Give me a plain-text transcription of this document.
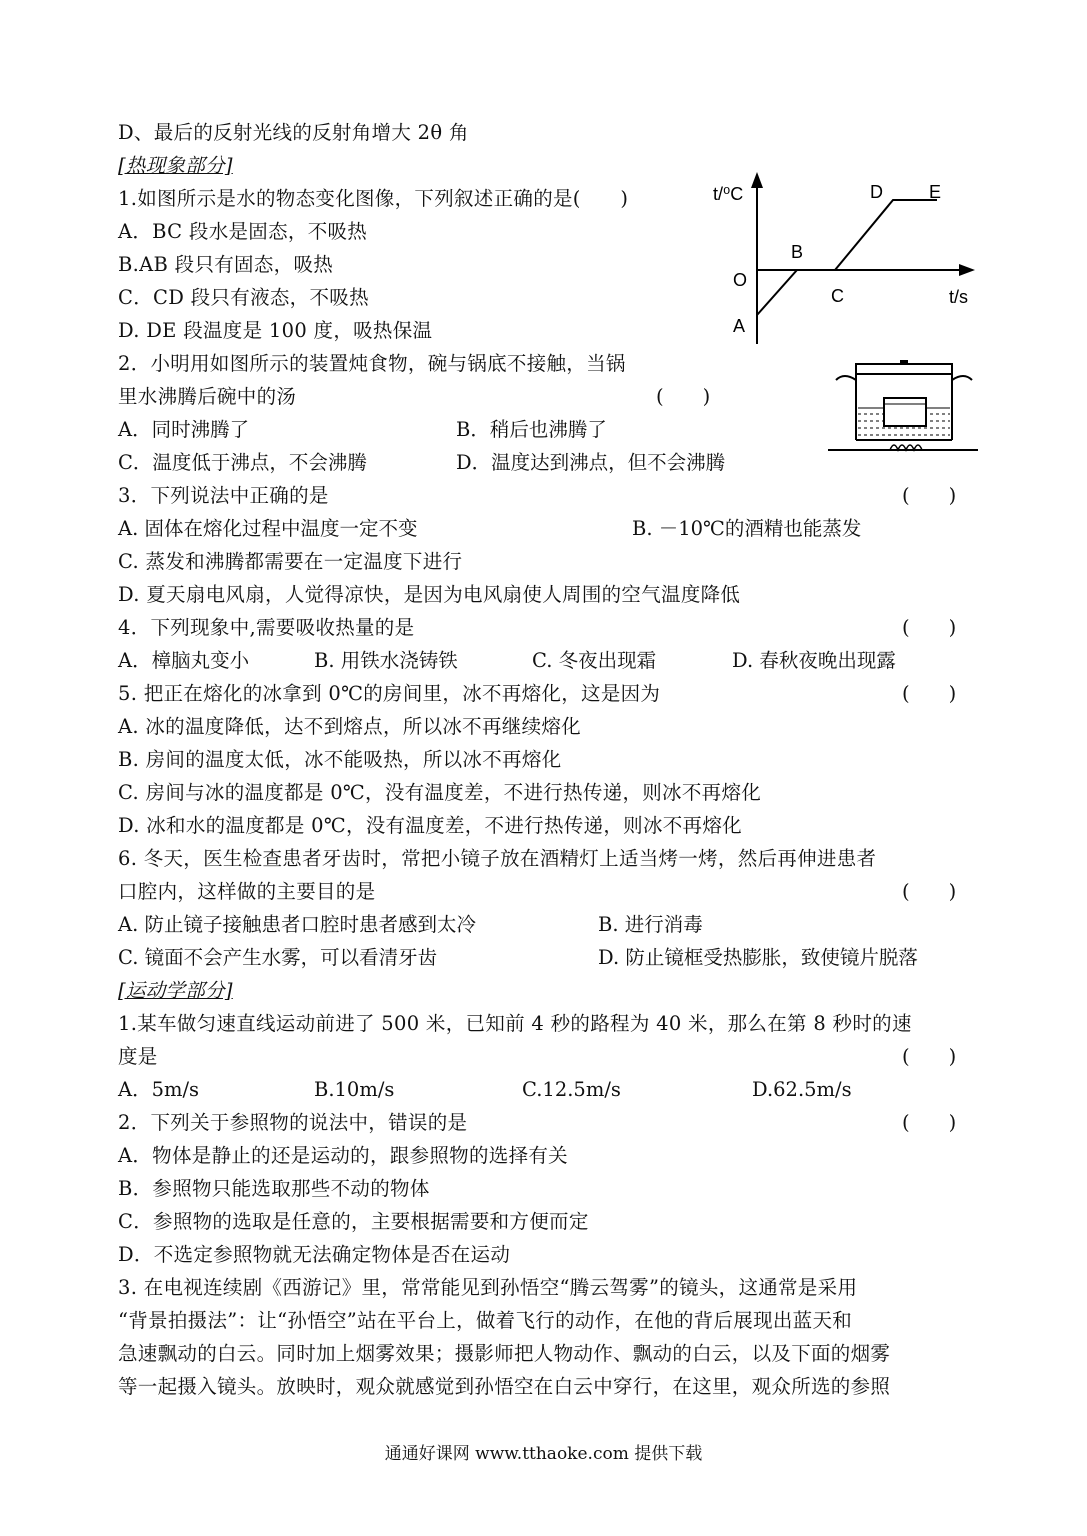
D、最后的反射光线的反射角增大 2θ 角
[热现象部分]
1.如图所示是水的物态变化图像，下列叙述正确的是(　　)
A．BC 段水是固态，不吸热
B.AB 段只有固态，吸热
C．CD 段只有液态，不吸热
D. DE 段温度是 100 度，吸热保温
t/⁰C
t/s
O
A
B
C
D	E
2．小明用如图所示的装置炖食物，碗与锅底不接触，当锅
里水沸腾后碗中的汤	(　　)
A．同时沸腾了	B．稍后也沸腾了
C．温度低于沸点，不会沸腾	D．温度达到沸点，但不会沸腾
3．下列说法中正确的是	(　　)
A. 固体在熔化过程中温度一定不变	B. －10℃的酒精也能蒸发
C. 蒸发和沸腾都需要在一定温度下进行
D. 夏天扇电风扇，人觉得凉快，是因为电风扇使人周围的空气温度降低
4．下列现象中,需要吸收热量的是	(　　)
A．樟脑丸变小	B. 用铁水浇铸铁	C. 冬夜出现霜	D. 春秋夜晚出现露
5. 把正在熔化的冰拿到 0℃的房间里，冰不再熔化，这是因为	(　　)
A. 冰的温度降低，达不到熔点，所以冰不再继续熔化
B. 房间的温度太低，冰不能吸热，所以冰不再熔化
C. 房间与冰的温度都是 0℃，没有温度差，不进行热传递，则冰不再熔化
D. 冰和水的温度都是 0℃，没有温度差，不进行热传递，则冰不再熔化
6. 冬天，医生检查患者牙齿时，常把小镜子放在酒精灯上适当烤一烤，然后再伸进患者
口腔内，这样做的主要目的是	(　　)
A. 防止镜子接触患者口腔时患者感到太冷	B. 进行消毒
C. 镜面不会产生水雾，可以看清牙齿	D. 防止镜框受热膨胀，致使镜片脱落
[运动学部分]
1.某车做匀速直线运动前进了 500 米，已知前 4 秒的路程为 40 米，那么在第 8 秒时的速
度是	(　　)
A．5m/s	B.10m/s	C.12.5m/s	D.62.5m/s
2．下列关于参照物的说法中，错误的是	(　　)
A．物体是静止的还是运动的，跟参照物的选择有关
B．参照物只能选取那些不动的物体
C．参照物的选取是任意的，主要根据需要和方便而定
D．不选定参照物就无法确定物体是否在运动
3. 在电视连续剧《西游记》里，常常能见到孙悟空“腾云驾雾”的镜头，这通常是采用
“背景拍摄法”：让“孙悟空”站在平台上，做着飞行的动作，在他的背后展现出蓝天和
急速飘动的白云。同时加上烟雾效果；摄影师把人物动作、飘动的白云，以及下面的烟雾
等一起摄入镜头。放映时，观众就感觉到孙悟空在白云中穿行，在这里，观众所选的参照
通通好课网 www.tthaoke.com 提供下载
